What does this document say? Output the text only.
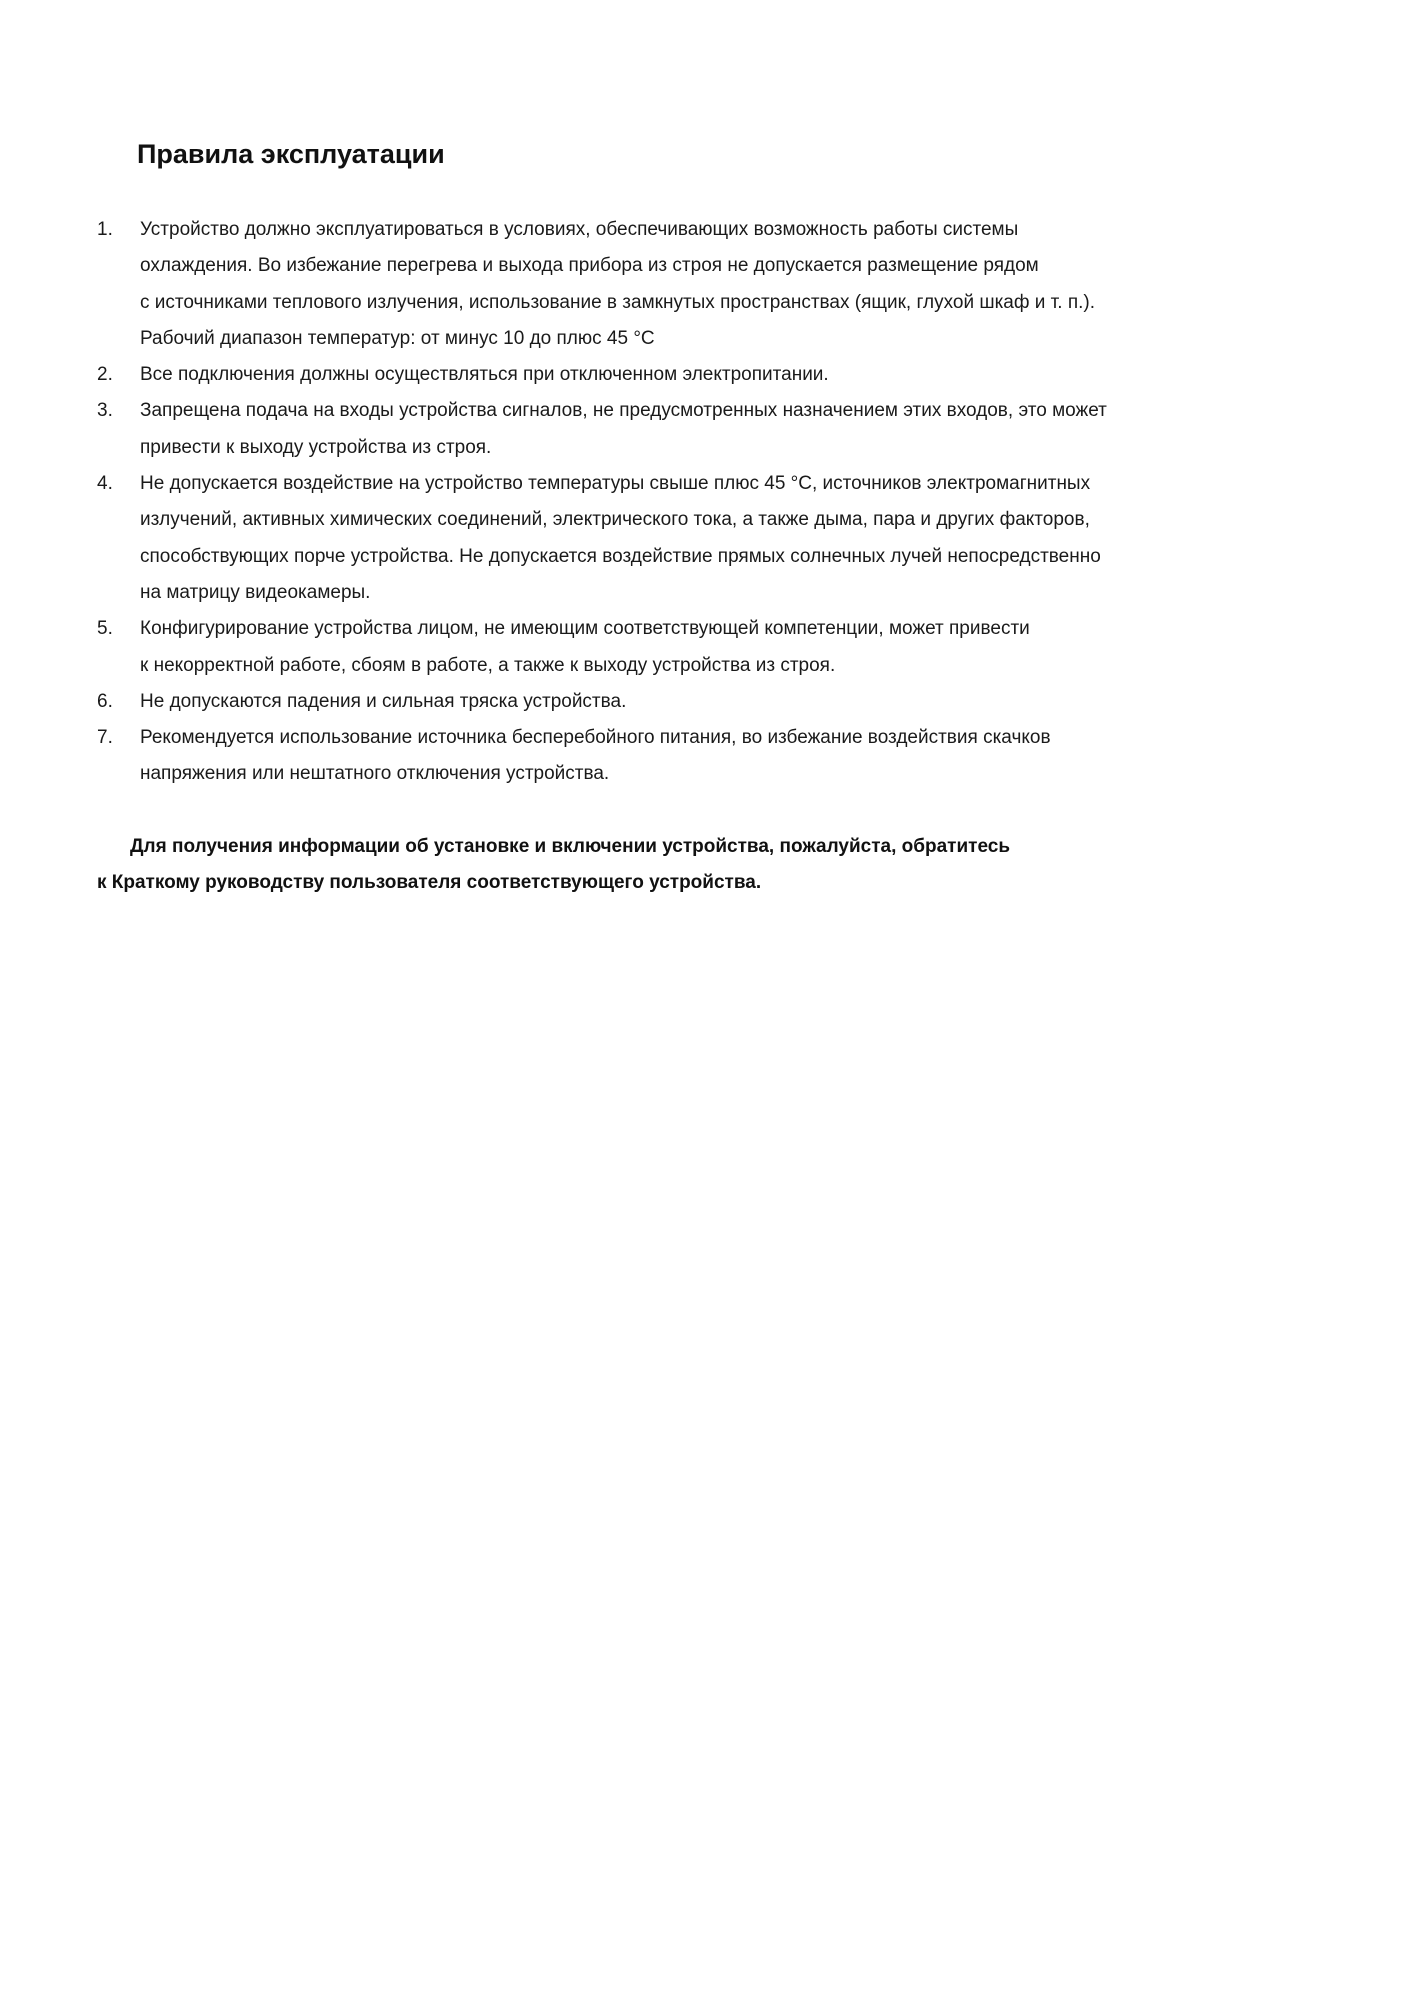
Правила эксплуатации
1. Устройство должно эксплуатироваться в условиях, обеспечивающих возможность работы системы
охлаждения. Во избежание перегрева и выхода прибора из строя не допускается размещение рядом
с источниками теплового излучения, использование в замкнутых пространствах (ящик, глухой шкаф и т. п.).
Рабочий диапазон температур: от минус 10 до плюс 45 °С
2. Все подключения должны осуществляться при отключенном электропитании.
3. Запрещена подача на входы устройства сигналов, не предусмотренных назначением этих входов, это может
привести к выходу устройства из строя.
4. Не допускается воздействие на устройство температуры свыше плюс 45 °С, источников электромагнитных
излучений, активных химических соединений, электрического тока, а также дыма, пара и других факторов,
способствующих порче устройства. Не допускается воздействие прямых солнечных лучей непосредственно
на матрицу видеокамеры.
5. Конфигурирование устройства лицом, не имеющим соответствующей компетенции, может привести
к некорректной работе, сбоям в работе, а также к выходу устройства из строя.
6. Не допускаются падения и сильная тряска устройства.
7. Рекомендуется использование источника бесперебойного питания, во избежание воздействия скачков
напряжения или нештатного отключения устройства.

Для получения информации об установке и включении устройства, пожалуйста, обратитесь
к Краткому руководству пользователя соответствующего устройства.
